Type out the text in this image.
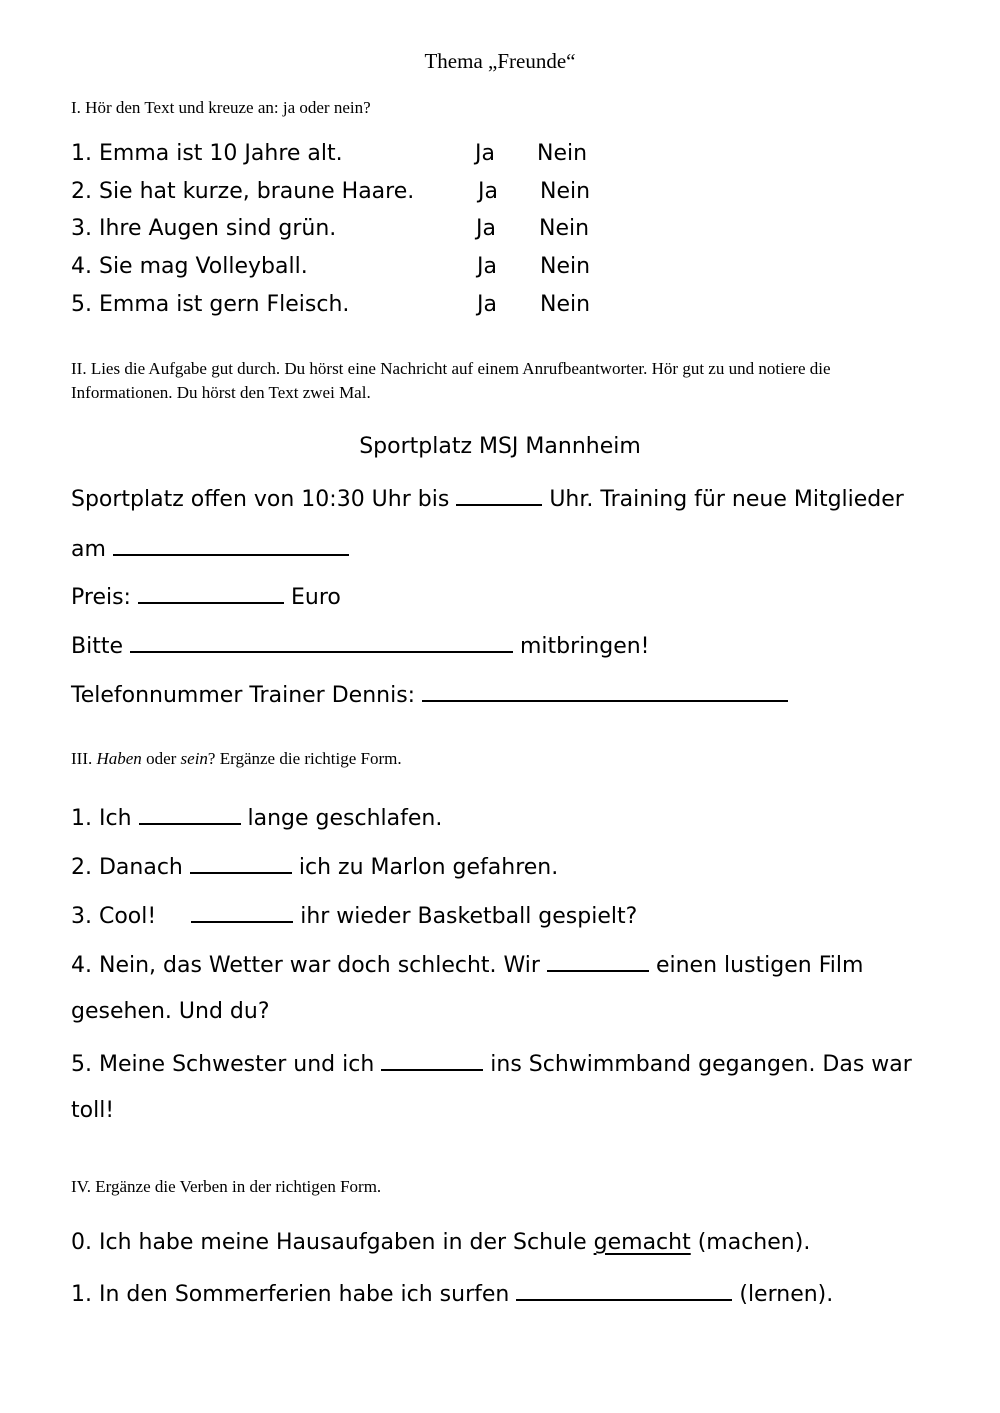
Thema „Freunde“
I. Hör den Text und kreuze an: ja oder nein?
1. Emma ist 10 Jahre alt.	Ja Nein
2. Sie hat kurze, braune Haare.	Ja Nein
3. Ihre Augen sind grün.	Ja Nein
4. Sie mag Volleyball.	Ja Nein
5. Emma ist gern Fleisch.	Ja Nein
II. Lies die Aufgabe gut durch. Du hörst eine Nachricht auf einem Anrufbeantworter. Hör gut zu und notiere die Informationen. Du hörst den Text zwei Mal.
Sportplatz MSJ Mannheim
Sportplatz offen von 10:30 Uhr bis	Uhr. Training für neue Mitglieder
am
Preis:	Euro
Bitte	mitbringen!
Telefonnummer Trainer Dennis:
III. Haben oder sein? Ergänze die richtige Form.
1. Ich	lange geschlafen.
2. Danach	ich zu Marlon gefahren.
3. Cool!	ihr wieder Basketball gespielt?
4. Nein, das Wetter war doch schlecht. Wir	einen lustigen Film
gesehen. Und du?
5. Meine Schwester und ich	ins Schwimmband gegangen. Das war
toll!
IV. Ergänze die Verben in der richtigen Form.
0. Ich habe meine Hausaufgaben in der Schule gemacht (machen).
1. In den Sommerferien habe ich surfen	(lernen).
